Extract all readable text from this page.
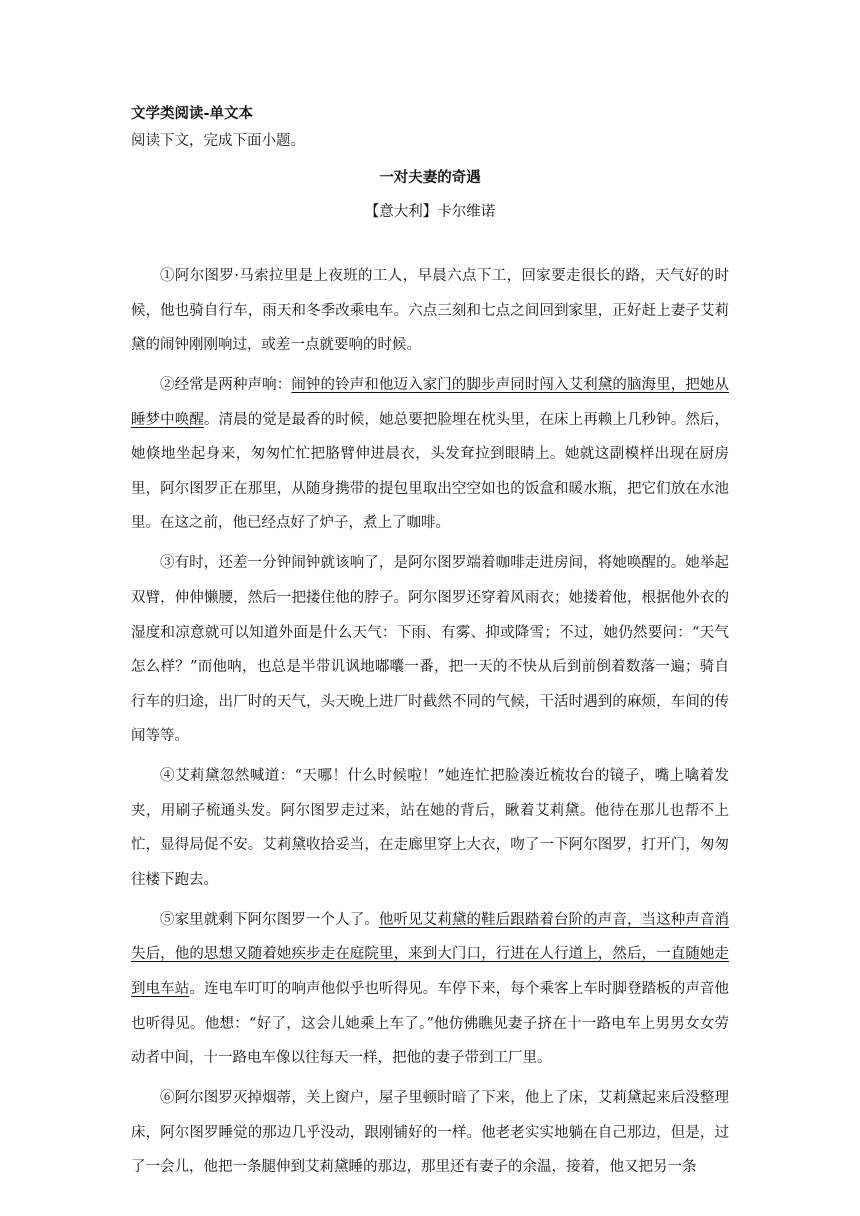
文学类阅读-单文本
阅读下文，完成下面小题。
一对夫妻的奇遇
【意大利】卡尔维诺

①阿尔图罗·马索拉里是上夜班的工人，早晨六点下工，回家要走很长的路，天气好的时候，他也骑自行车，雨天和冬季改乘电车。六点三刻和七点之间回到家里，正好赶上妻子艾莉黛的闹钟刚刚响过，或差一点就要响的时候。

②经常是两种声响：闹钟的铃声和他迈入家门的脚步声同时闯入艾利黛的脑海里，把她从睡梦中唤醒。清晨的觉是最香的时候，她总要把脸埋在枕头里，在床上再赖上几秒钟。然后，她倏地坐起身来，匆匆忙忙把胳臂伸进晨衣，头发耷拉到眼睛上。她就这副模样出现在厨房里，阿尔图罗正在那里，从随身携带的提包里取出空空如也的饭盒和暖水瓶，把它们放在水池里。在这之前，他已经点好了炉子，煮上了咖啡。

③有时，还差一分钟闹钟就该响了，是阿尔图罗端着咖啡走进房间，将她唤醒的。她举起双臂，伸伸懒腰，然后一把搂住他的脖子。阿尔图罗还穿着风雨衣；她搂着他，根据他外衣的湿度和凉意就可以知道外面是什么天气：下雨、有雾、抑或降雪；不过，她仍然要问：“天气怎么样？”而他呐，也总是半带讥讽地嘟囔一番，把一天的不快从后到前倒着数落一遍；骑自行车的归途，出厂时的天气，头天晚上进厂时截然不同的气候，干活时遇到的麻烦，车间的传闻等等。

④艾莉黛忽然喊道：“天哪！什么时候啦！”她连忙把脸凑近梳妆台的镜子，嘴上噙着发夹，用刷子梳通头发。阿尔图罗走过来，站在她的背后，瞅着艾莉黛。他待在那儿也帮不上忙，显得局促不安。艾莉黛收拾妥当，在走廊里穿上大衣，吻了一下阿尔图罗，打开门，匆匆往楼下跑去。

⑤家里就剩下阿尔图罗一个人了。他听见艾莉黛的鞋后跟踏着台阶的声音，当这种声音消失后，他的思想又随着她疾步走在庭院里，来到大门口，行进在人行道上，然后，一直随她走到电车站。连电车叮叮的响声他似乎也听得见。车停下来，每个乘客上车时脚登踏板的声音他也听得见。他想：“好了，这会儿她乘上车了。”他仿佛瞧见妻子挤在十一路电车上男男女女劳动者中间，十一路电车像以往每天一样，把他的妻子带到工厂里。

⑥阿尔图罗灭掉烟蒂，关上窗户，屋子里顿时暗了下来，他上了床，艾莉黛起来后没整理床，阿尔图罗睡觉的那边几乎没动，跟刚铺好的一样。他老老实实地躺在自己那边，但是，过了一会儿，他把一条腿伸到艾莉黛睡的那边，那里还有妻子的余温，接着，他又把另一条
